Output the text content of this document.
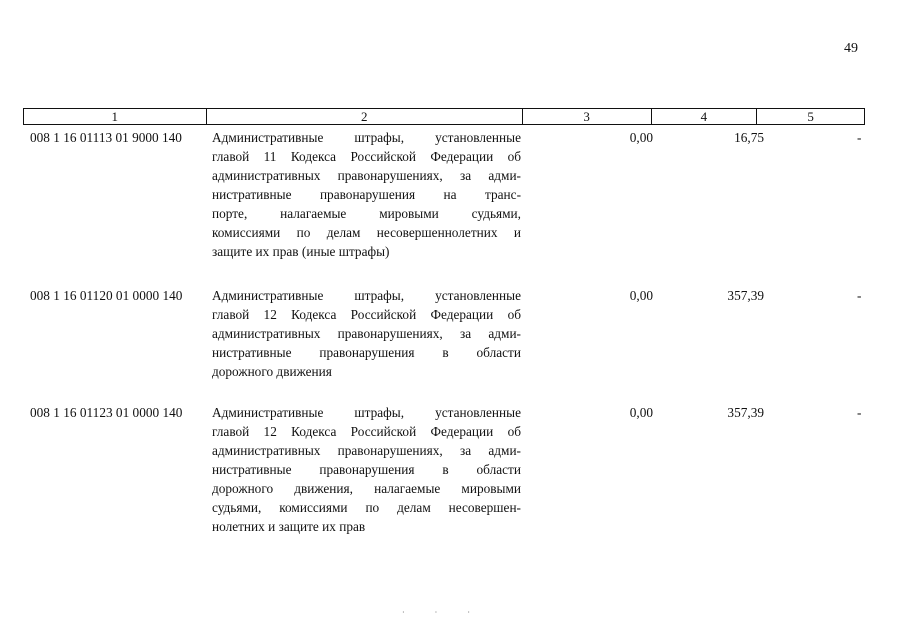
49
1	2	3	4	5
008 1 16 01113 01 9000 140 Административные штрафы, установленные
главой 11 Кодекса Российской Федерации об
административных правонарушениях, за адми-
нистративные правонарушения на транс-
порте, налагаемые мировыми судьями,
комиссиями по делам несовершеннолетних и
защите их прав (иные штрафы)
0,00	16,75	-
008 1 16 01120 01 0000 140 Административные штрафы, установленные
главой 12 Кодекса Российской Федерации об
административных правонарушениях, за адми-
нистративные правонарушения в области
дорожного движения
0,00	357,39	-
008 1 16 01123 01 0000 140 Административные штрафы, установленные
главой 12 Кодекса Российской Федерации об
административных правонарушениях, за адми-
нистративные правонарушения в области
дорожного движения, налагаемые мировыми
судьями, комиссиями по делам несовершен-
нолетних и защите их прав
0,00	357,39	-
· · ·
